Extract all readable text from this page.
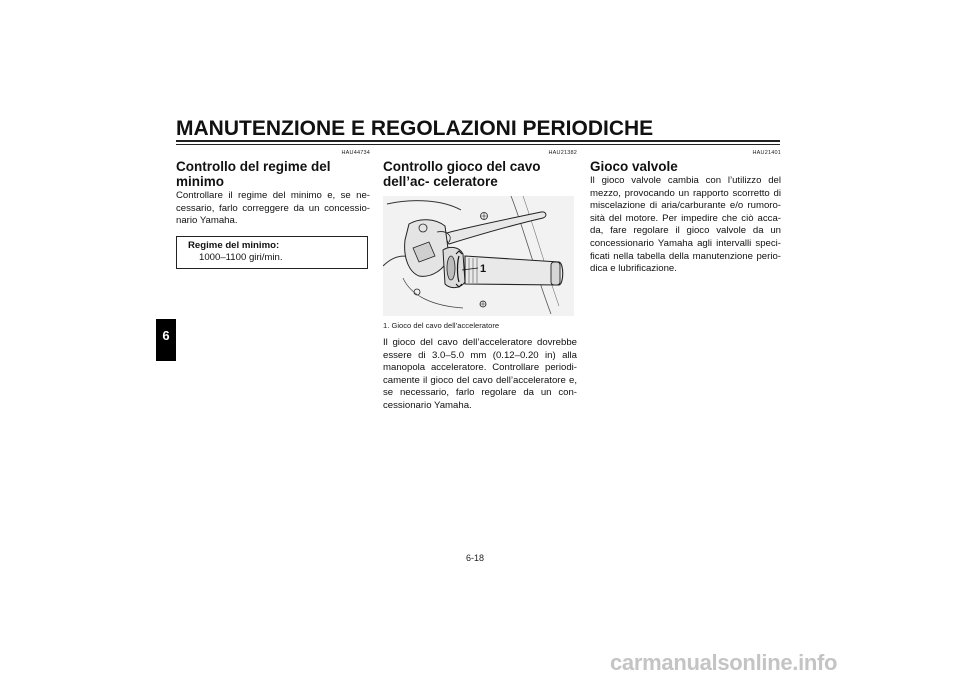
MANUTENZIONE E REGOLAZIONI PERIODICHE
6
HAU44734
Controllo del regime del minimo

Controllare il regime del minimo e, se ne- cessario, farlo correggere da un concessio- nario Yamaha.

Regime del minimo:
1000–1100 giri/min.
HAU21382
Controllo gioco del cavo dell’ac- celeratore
1
1. Gioco del cavo dell’acceleratore

Il gioco del cavo dell’acceleratore dovrebbe essere di 3.0–5.0 mm (0.12–0.20 in) alla manopola acceleratore. Controllare periodi- camente il gioco del cavo dell’acceleratore e, se necessario, farlo regolare da un con- cessionario Yamaha.

HAU21401
Gioco valvole

Il gioco valvole cambia con l’utilizzo del mezzo, provocando un rapporto scorretto di miscelazione di aria/carburante e/o rumoro- sità del motore. Per impedire che ciò acca- da, fare regolare il gioco valvole da un concessionario Yamaha agli intervalli speci- ficati nella tabella della manutenzione perio- dica e lubrificazione.

6-18
carmanualsonline.info
